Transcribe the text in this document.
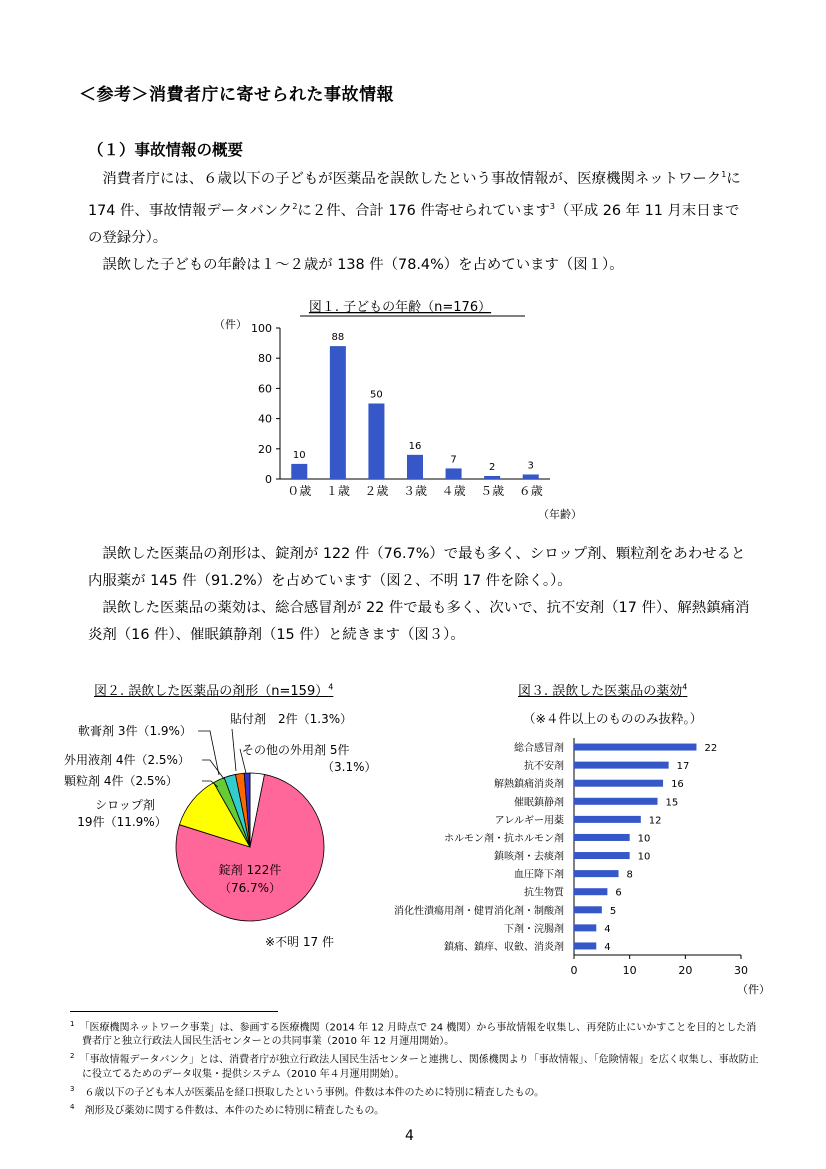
＜参考＞消費者庁に寄せられた事故情報
（１）事故情報の概要
消費者庁には、６歳以下の子どもが医薬品を誤飲したという事故情報が、医療機関ネットワーク$^1$に 174 件、事故情報データバンク$^2$に２件、合計 176 件寄せられています$^3$（平成 26 年 11 月末日までの登録分）。
誤飲した子どもの年齢は１～２歳が 138 件（78.4%）を占めています（図１）。
図１. 子どもの年齢（n=176）
（件）
（年齢）
0
20
40
60
80
100
10
０歳
88
１歳
50
２歳
16
３歳
7
４歳
2
５歳
3
６歳
誤飲した医薬品の剤形は、錠剤が 122 件（76.7%）で最も多く、シロップ剤、顆粒剤をあわせると内服薬が 145 件（91.2%）を占めています（図２、不明 17 件を除く。）。
誤飲した医薬品の薬効は、総合感冒剤が 22 件で最も多く、次いで、抗不安剤（17 件）、解熱鎮痛消炎剤（16 件）、催眠鎮静剤（15 件）と続きます（図３）。
図２. 誤飲した医薬品の剤形（n=159）$^4$
錠剤 122件
（76.7%）
シロップ剤
19件（11.9%）
顆粒剤 4件（2.5%）
外用液剤 4件（2.5%）
軟膏剤 3件（1.9%）
貼付剤　2件（1.3%）
その他の外用剤 5件
（3.1%）
※不明 17 件
図３. 誤飲した医薬品の薬効$^4$
（※４件以上のもののみ抜粋。）
0	10	20	30
22
総合感冒剤
17
抗不安剤
16
解熱鎮痛消炎剤
15
催眠鎮静剤
12
アレルギー用薬
10
ホルモン剤・抗ホルモン剤
10
鎮咳剤・去痰剤
8
血圧降下剤
6
抗生物質
5
消化性潰瘍用剤・健胃消化剤・制酸剤
4
下剤・浣腸剤
4
鎮痛、鎮痒、収斂、消炎剤
（件）
$^1$　 「医療機関ネットワーク事業」は、参画する医療機関（2014 年 12 月時点で 24 機関）から事故情報を収集し、再発防止にいかすことを目的とした消費者庁と独立行政法人国民生活センターとの共同事業（2010 年 12 月運用開始）。
$^2$　 「事故情報データバンク」とは、消費者庁が独立行政法人国民生活センターと連携し、関係機関より「事故情報」、「危険情報」を広く収集し、事故防止に役立てるためのデータ収集・提供システム（2010 年４月運用開始）。
$^3$　 ６歳以下の子ども本人が医薬品を経口摂取したという事例。件数は本件のために特別に精査したもの。
$^4$　 剤形及び薬効に関する件数は、本件のために特別に精査したもの。
4
